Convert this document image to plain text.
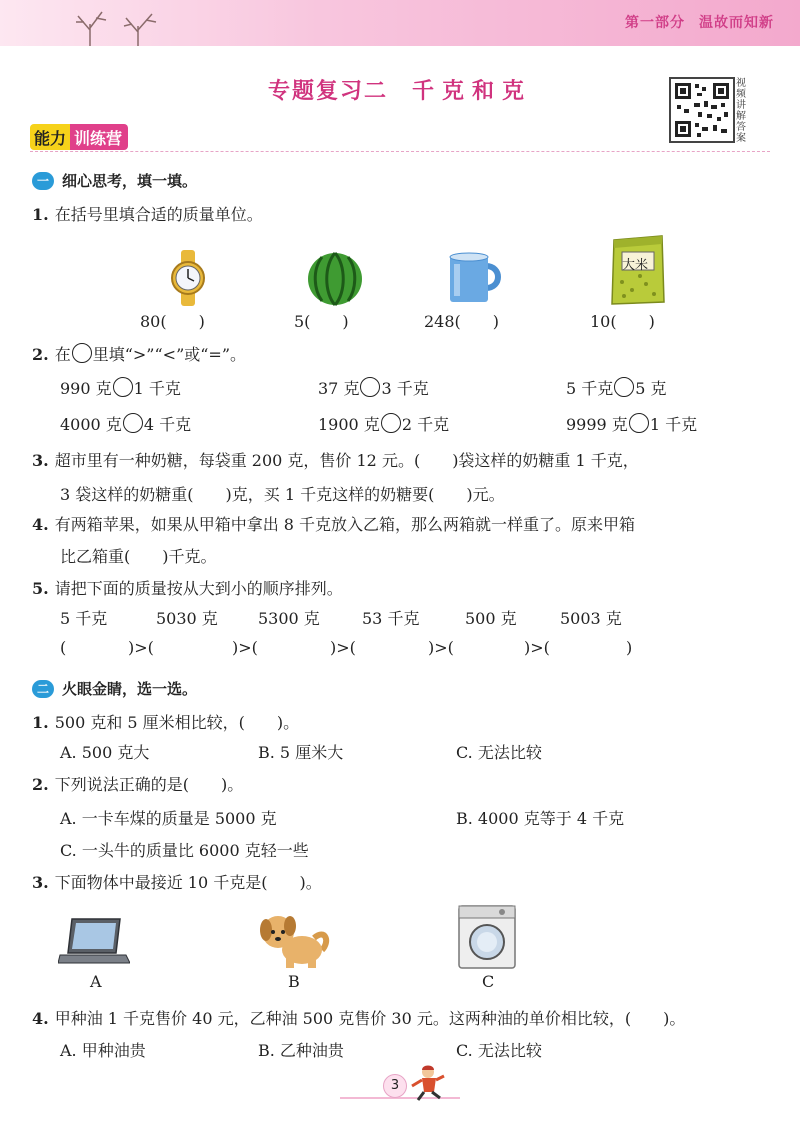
第一部分 温故而知新
专题复习二 千克和克	视频讲解答案
能力 训练营
一 细心思考，填一填。
1. 在括号里填合适的质量单位。
大米
80(　　)	5(　　)	248(　　)	10(　　)
2. 在 里填“>”“<”或“=”。
990 克 1 千克	37 克 3 千克	5 千克 5 克
4000 克 4 千克	1900 克 2 千克	9999 克 1 千克
3. 超市里有一种奶糖，每袋重 200 克，售价 12 元。(　　)袋这样的奶糖重 1 千克，
3 袋这样的奶糖重(　　)克，买 1 千克这样的奶糖要(　　)元。
4. 有两箱苹果，如果从甲箱中拿出 8 千克放入乙箱，那么两箱就一样重了。原来甲箱
比乙箱重(　　)千克。
5. 请把下面的质量按从大到小的顺序排列。
5 千克	5030 克	5300 克	53 千克	500 克	5003 克
(	)>(	)>(	)>(	)>(	)>(	)
二 火眼金睛，选一选。
1. 500 克和 5 厘米相比较，(　　)。
A. 500 克大	B. 5 厘米大	C. 无法比较
2. 下列说法正确的是(　　)。
A. 一卡车煤的质量是 5000 克	B. 4000 克等于 4 千克
C. 一头牛的质量比 6000 克轻一些
3. 下面物体中最接近 10 千克是(　　)。
A	B	C
4. 甲种油 1 千克售价 40 元，乙种油 500 克售价 30 元。这两种油的单价相比较，(　　)。
A. 甲种油贵	B. 乙种油贵	C. 无法比较
3
